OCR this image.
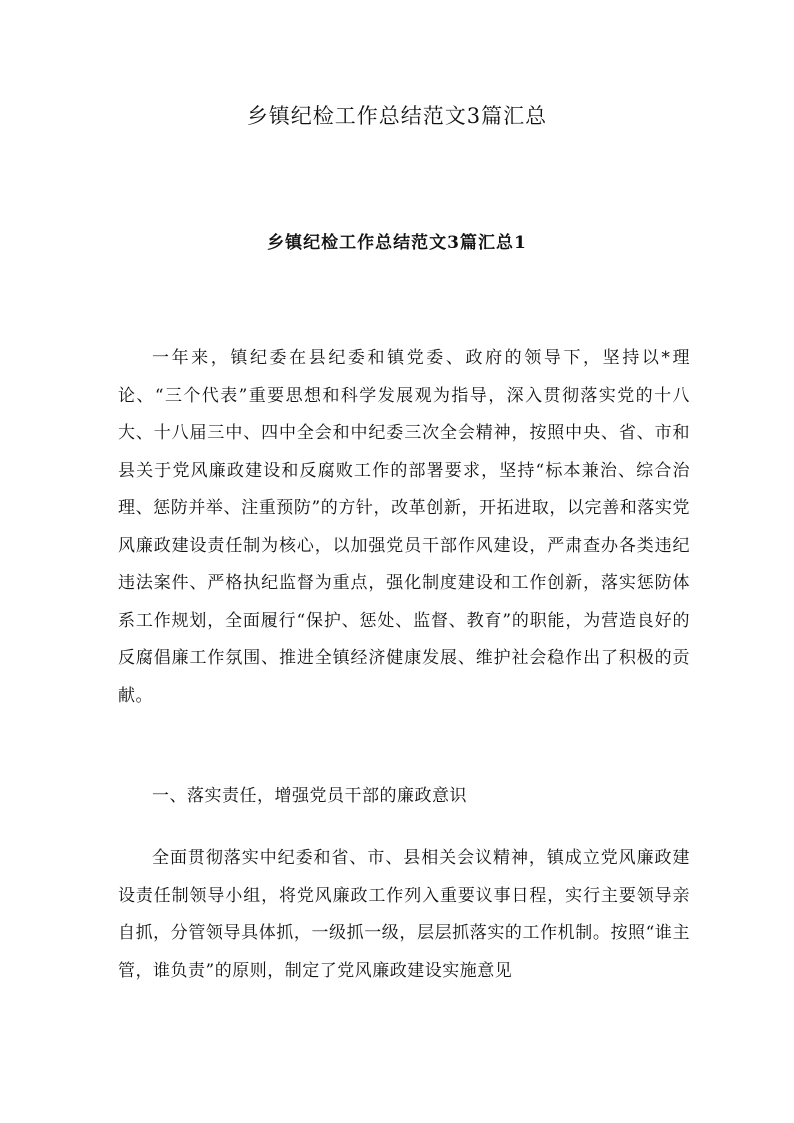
乡镇纪检工作总结范文3篇汇总
乡镇纪检工作总结范文3篇汇总1

一年来，镇纪委在县纪委和镇党委、政府的领导下，坚持以*理论、“三个代表”重要思想和科学发展观为指导，深入贯彻落实党的十八大、十八届三中、四中全会和中纪委三次全会精神，按照中央、省、市和县关于党风廉政建设和反腐败工作的部署要求，坚持“标本兼治、综合治理、惩防并举、注重预防”的方针，改革创新，开拓进取，以完善和落实党风廉政建设责任制为核心，以加强党员干部作风建设，严肃查办各类违纪违法案件、严格执纪监督为重点，强化制度建设和工作创新，落实惩防体系工作规划，全面履行“保护、惩处、监督、教育”的职能，为营造良好的反腐倡廉工作氛围、推进全镇经济健康发展、维护社会稳作出了积极的贡献。

一、落实责任，增强党员干部的廉政意识

全面贯彻落实中纪委和省、市、县相关会议精神，镇成立党风廉政建设责任制领导小组，将党风廉政工作列入重要议事日程，实行主要领导亲自抓，分管领导具体抓，一级抓一级，层层抓落实的工作机制。按照“谁主管，谁负责”的原则，制定了党风廉政建设实施意见
